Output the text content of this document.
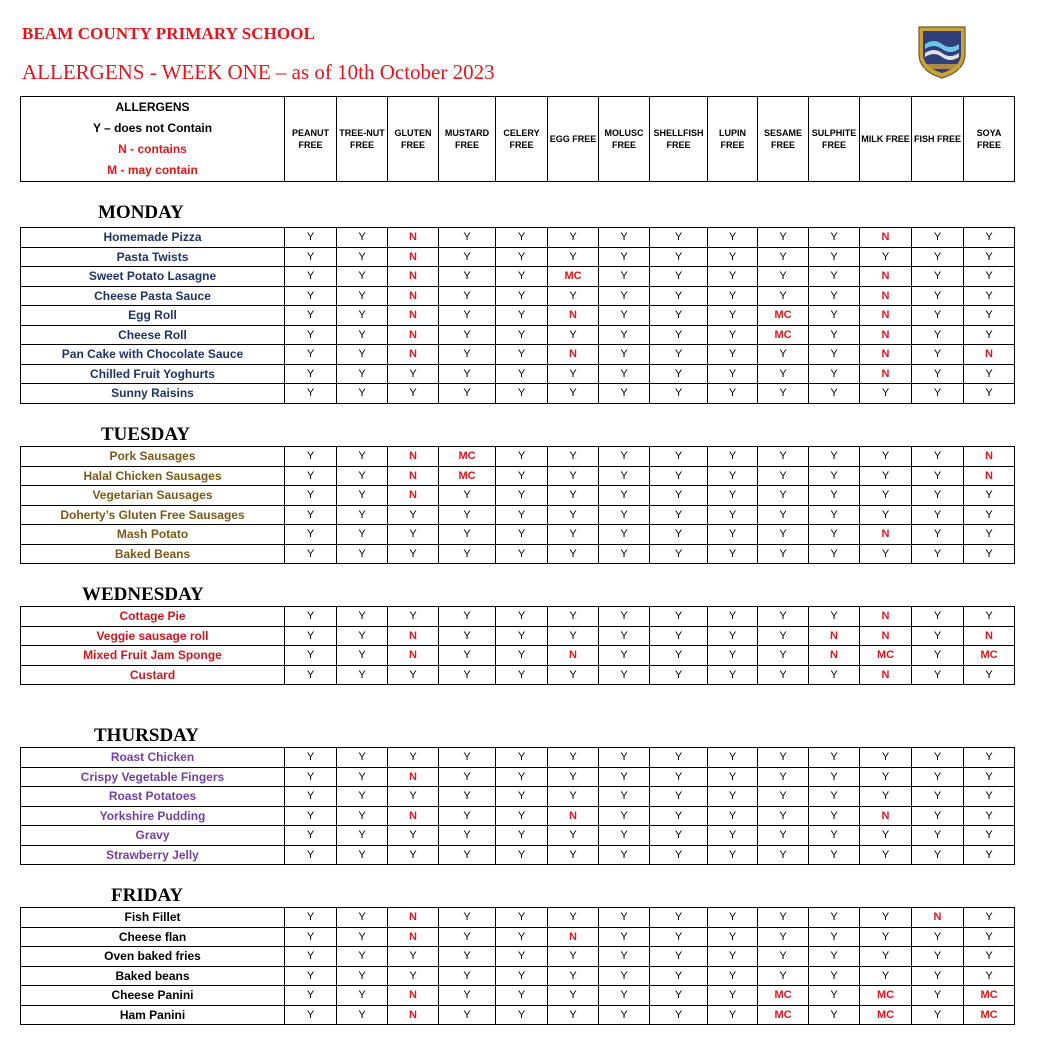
BEAM COUNTY PRIMARY SCHOOL
ALLERGENS - WEEK ONE – as of 10th October 2023
ALLERGENS
Y – does not Contain
N - contains
M - may contain
	PEANUT FREE	TREE-NUT FREE	GLUTEN FREE	MUSTARD FREE	CELERY FREE	EGG FREE	MOLUSC FREE	SHELLFISH FREE	LUPIN FREE	SESAME FREE	SULPHITE FREE	MILK FREE	FISH FREE	SOYA FREE
MONDAY
Homemade Pizza	Y	Y	N	Y	Y	Y	Y	Y	Y	Y	Y	N	Y	Y
Pasta Twists	Y	Y	N	Y	Y	Y	Y	Y	Y	Y	Y	Y	Y	Y
Sweet Potato Lasagne	Y	Y	N	Y	Y	MC	Y	Y	Y	Y	Y	N	Y	Y
Cheese Pasta Sauce	Y	Y	N	Y	Y	Y	Y	Y	Y	Y	Y	N	Y	Y
Egg Roll	Y	Y	N	Y	Y	N	Y	Y	Y	MC	Y	N	Y	Y
Cheese Roll	Y	Y	N	Y	Y	Y	Y	Y	Y	MC	Y	N	Y	Y
Pan Cake with Chocolate Sauce	Y	Y	N	Y	Y	N	Y	Y	Y	Y	Y	N	Y	N
Chilled Fruit Yoghurts	Y	Y	Y	Y	Y	Y	Y	Y	Y	Y	Y	N	Y	Y
Sunny Raisins	Y	Y	Y	Y	Y	Y	Y	Y	Y	Y	Y	Y	Y	Y
TUESDAY
Pork Sausages	Y	Y	N	MC	Y	Y	Y	Y	Y	Y	Y	Y	Y	N
Halal Chicken Sausages	Y	Y	N	MC	Y	Y	Y	Y	Y	Y	Y	Y	Y	N
Vegetarian Sausages	Y	Y	N	Y	Y	Y	Y	Y	Y	Y	Y	Y	Y	Y
Doherty’s Gluten Free Sausages	Y	Y	Y	Y	Y	Y	Y	Y	Y	Y	Y	Y	Y	Y
Mash Potato	Y	Y	Y	Y	Y	Y	Y	Y	Y	Y	Y	N	Y	Y
Baked Beans	Y	Y	Y	Y	Y	Y	Y	Y	Y	Y	Y	Y	Y	Y
WEDNESDAY
Cottage Pie	Y	Y	Y	Y	Y	Y	Y	Y	Y	Y	Y	N	Y	Y
Veggie sausage roll	Y	Y	N	Y	Y	Y	Y	Y	Y	Y	N	N	Y	N
Mixed Fruit Jam Sponge	Y	Y	N	Y	Y	N	Y	Y	Y	Y	N	MC	Y	MC
Custard	Y	Y	Y	Y	Y	Y	Y	Y	Y	Y	Y	N	Y	Y
THURSDAY
Roast Chicken	Y	Y	Y	Y	Y	Y	Y	Y	Y	Y	Y	Y	Y	Y
Crispy Vegetable Fingers	Y	Y	N	Y	Y	Y	Y	Y	Y	Y	Y	Y	Y	Y
Roast Potatoes	Y	Y	Y	Y	Y	Y	Y	Y	Y	Y	Y	Y	Y	Y
Yorkshire Pudding	Y	Y	N	Y	Y	N	Y	Y	Y	Y	Y	N	Y	Y
Gravy	Y	Y	Y	Y	Y	Y	Y	Y	Y	Y	Y	Y	Y	Y
Strawberry Jelly	Y	Y	Y	Y	Y	Y	Y	Y	Y	Y	Y	Y	Y	Y
FRIDAY
Fish Fillet	Y	Y	N	Y	Y	Y	Y	Y	Y	Y	Y	Y	N	Y
Cheese flan	Y	Y	N	Y	Y	N	Y	Y	Y	Y	Y	Y	Y	Y
Oven baked fries	Y	Y	Y	Y	Y	Y	Y	Y	Y	Y	Y	Y	Y	Y
Baked beans	Y	Y	Y	Y	Y	Y	Y	Y	Y	Y	Y	Y	Y	Y
Cheese Panini	Y	Y	N	Y	Y	Y	Y	Y	Y	MC	Y	MC	Y	MC
Ham Panini	Y	Y	N	Y	Y	Y	Y	Y	Y	MC	Y	MC	Y	MC
